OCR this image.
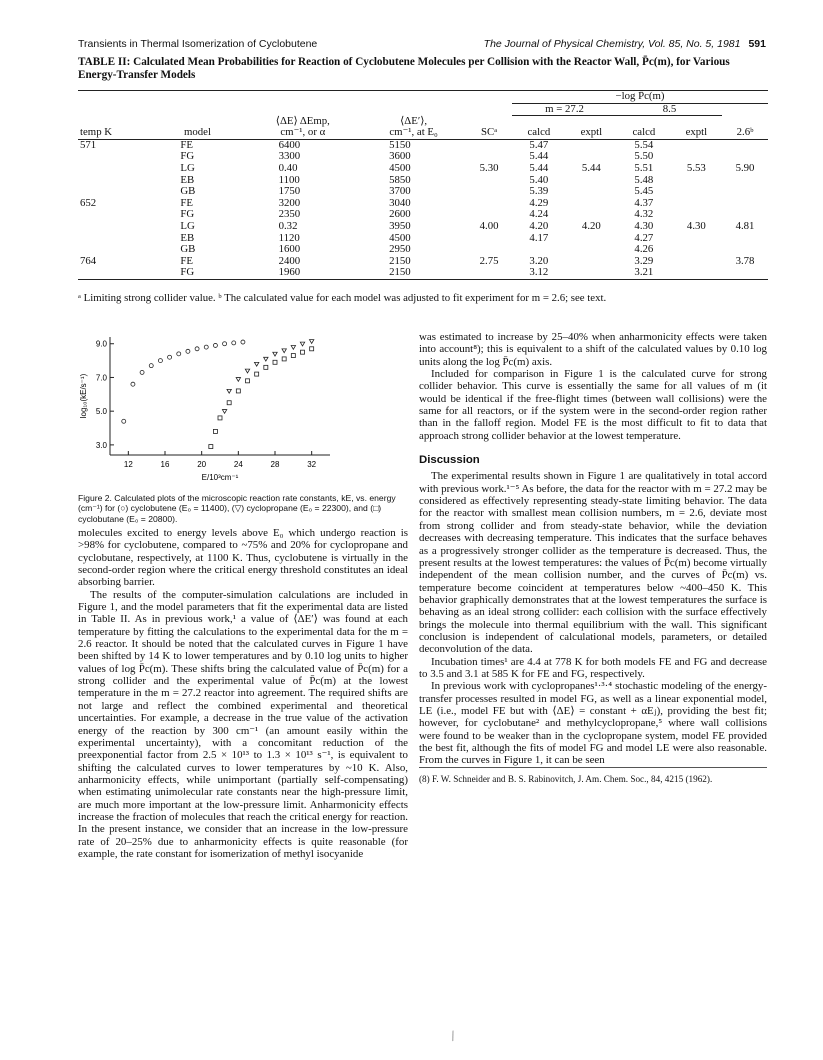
Transients in Thermal Isomerization of Cyclobutene	The Journal of Physical Chemistry, Vol. 85, No. 5, 1981 591
TABLE II: Calculated Mean Probabilities for Reaction of Cyclobutene Molecules per Collision with the Reactor Wall, P̄c(m), for Various Energy-Transfer Models
					−log P̄c(m)				
					m = 27.2		8.5		
		⟨ΔE⟩ ΔEmp,	⟨ΔE′⟩,						
temp K	model	cm⁻¹, or α	cm⁻¹, at E₀	SCᵃ	calcd	exptl	calcd	exptl	2.6ᵇ
571	FE	6400	5150		5.47		5.54		
	FG	3300	3600		5.44		5.50		
	LG	0.40	4500	5.30	5.44	5.44	5.51	5.53	5.90
	EB	1100	5850		5.40		5.48		
	GB	1750	3700		5.39		5.45		
652	FE	3200	3040		4.29		4.37		
	FG	2350	2600		4.24		4.32		
	LG	0.32	3950	4.00	4.20	4.20	4.30	4.30	4.81
	EB	1120	4500		4.17		4.27		
	GB	1600	2950				4.26		
764	FE	2400	2150	2.75	3.20		3.29		3.78
	FG	1960	2150		3.12		3.21		
ᵃ Limiting strong collider value. ᵇ The calculated value for each model was adjusted to fit experiment for m = 2.6; see text.
12	16	20	24	28	32
9.0
7.0
5.0
3.0
E/10³cm⁻¹
log₁₀(kE/s⁻¹)
Figure 2. Calculated plots of the microscopic reaction rate constants, kE, vs. energy (cm⁻¹) for (○) cyclobutene (E₀ = 11400), (▽) cyclopropane (E₀ = 22300), and (□) cyclobutane (E₀ = 20800).

molecules excited to energy levels above E₀ which undergo reaction is >98% for cyclobutene, compared to ~75% and 20% for cyclopropane and cyclobutane, respectively, at 1100 K. Thus, cyclobutene is virtually in the second-order region where the critical energy threshold constitutes an ideal absorbing barrier.

The results of the computer-simulation calculations are included in Figure 1, and the model parameters that fit the experimental data are listed in Table II. As in previous work,¹ a value of ⟨ΔE′⟩ was found at each temperature by fitting the calculations to the experimental data for the m = 2.6 reactor. It should be noted that the calculated curves in Figure 1 have been shifted by 14 K to lower temperatures and by 0.10 log units to higher values of log P̄c(m). These shifts bring the calculated value of P̄c(m) for a strong collider and the experimental value of P̄c(m) at the lowest temperature in the m = 27.2 reactor into agreement. The required shifts are not large and reflect the combined experimental and theoretical uncertainties. For example, a decrease in the true value of the activation energy of the reaction by 300 cm⁻¹ (an amount easily within the experimental uncertainty), with a concomitant reduction of the preexponential factor from 2.5 × 10¹³ to 1.3 × 10¹³ s⁻¹, is equivalent to shifting the calculated curves to lower temperatures by ~10 K. Also, anharmonicity effects, while unimportant (partially self-compensating) when estimating unimolecular rate constants near the high-pressure limit, are much more important at the low-pressure limit. Anharmonicity effects increase the fraction of molecules that reach the critical energy for reaction. In the present instance, we consider that an increase in the low-pressure rate of 20–25% due to anharmonicity effects is quite reasonable (for example, the rate constant for isomerization of methyl isocyanide

was estimated to increase by 25–40% when anharmonicity effects were taken into account⁸); this is equivalent to a shift of the calculated values by 0.10 log units along the log P̄c(m) axis.

Included for comparison in Figure 1 is the calculated curve for strong collider behavior. This curve is essentially the same for all values of m (it would be identical if the free-flight times (between wall collisions) were the same for all reactors, or if the system were in the second-order region rather than in the falloff region. Model FE is the most difficult to fit to data that approach strong collider behavior at the lowest temperature.

Discussion

The experimental results shown in Figure 1 are qualitatively in total accord with previous work.¹⁻⁵ As before, the data for the reactor with m = 27.2 may be considered as effectively representing steady-state limiting behavior. The data for the reactor with smallest mean collision numbers, m = 2.6, deviate most from strong collider and from steady-state behavior, while the deviation decreases with decreasing temperature. This indicates that the surface behaves as a progressively stronger collider as the temperature is decreased. Thus, the present results at the lowest temperatures: the values of P̄c(m) become virtually independent of the mean collision number, and the curves of P̄c(m) vs. temperature become coincident at temperatures below ~400–450 K. This behavior graphically demonstrates that at the lowest temperatures the surface is behaving as an ideal strong collider: each collision with the surface effectively brings the molecule into thermal equilibrium with the wall. This significant conclusion is independent of calculational models, parameters, or detailed deconvolution of the data.

Incubation times¹ are 4.4 at 778 K for both models FE and FG and decrease to 3.5 and 3.1 at 585 K for FE and FG, respectively.

In previous work with cyclopropanes¹·³·⁴ stochastic modeling of the energy-transfer processes resulted in model FG, as well as a linear exponential model, LE (i.e., model FE but with ⟨ΔE⟩ = constant + αEⱼ), providing the best fit; however, for cyclobutane² and methylcyclopropane,⁵ where wall collisions were found to be weaker than in the cyclopropane system, model FE provided the best fit, although the fits of model FG and model LE were also reasonable. From the curves in Figure 1, it can be seen

(8) F. W. Schneider and B. S. Rabinovitch, J. Am. Chem. Soc., 84, 4215 (1962).

⁄
